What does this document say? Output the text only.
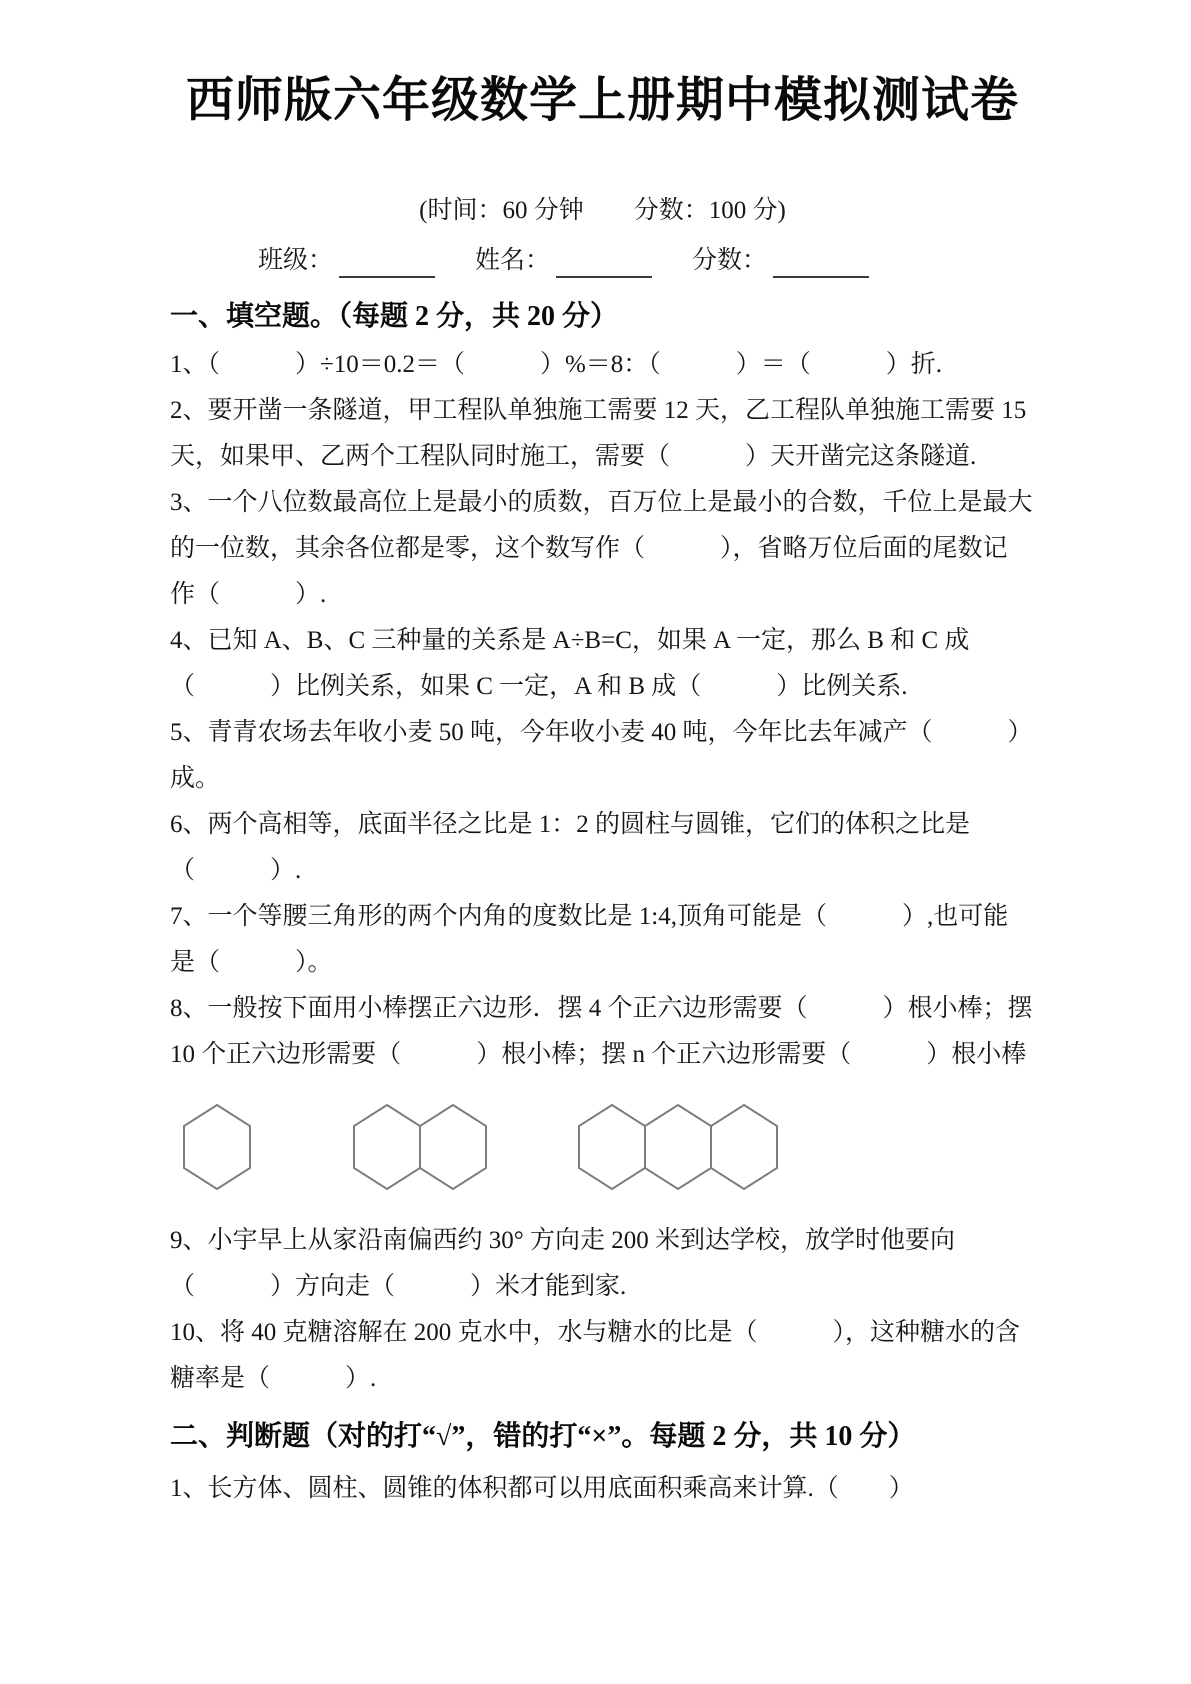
西师版六年级数学上册期中模拟测试卷
(时间：60 分钟　　分数：100 分)
班级：	姓名：	分数：
一、填空题。（每题 2 分，共 20 分）
1、（　　　）÷10＝0.2＝（　　　）%＝8：（　　　）＝（　　　）折.
2、要开凿一条隧道，甲工程队单独施工需要 12 天，乙工程队单独施工需要 15
天，如果甲、乙两个工程队同时施工，需要（　　　）天开凿完这条隧道.
3、一个八位数最高位上是最小的质数，百万位上是最小的合数，千位上是最大
的一位数，其余各位都是零，这个数写作（　　　），省略万位后面的尾数记
作（　　　）.
4、已知 A、B、C 三种量的关系是 A÷B=C，如果 A 一定，那么 B 和 C 成
（　　　）比例关系，如果 C 一定，A 和 B 成（　　　）比例关系.
5、青青农场去年收小麦 50 吨，今年收小麦 40 吨，今年比去年减产（　　　）
成。
6、两个高相等，底面半径之比是 1：2 的圆柱与圆锥，它们的体积之比是
（　　　）.
7、一个等腰三角形的两个内角的度数比是 1:4,顶角可能是（　　　）,也可能
是（　　　）。
8、一般按下面用小棒摆正六边形．摆 4 个正六边形需要（　　　）根小棒；摆
10 个正六边形需要（　　　）根小棒；摆 n 个正六边形需要（　　　）根小棒
9、小宇早上从家沿南偏西约 30° 方向走 200 米到达学校，放学时他要向
（　　　）方向走（　　　）米才能到家.
10、将 40 克糖溶解在 200 克水中，水与糖水的比是（　　　），这种糖水的含
糖率是（　　　）.
二、判断题（对的打“√”，错的打“×”。每题 2 分，共 10 分）
1、长方体、圆柱、圆锥的体积都可以用底面积乘高来计算.（　　）
